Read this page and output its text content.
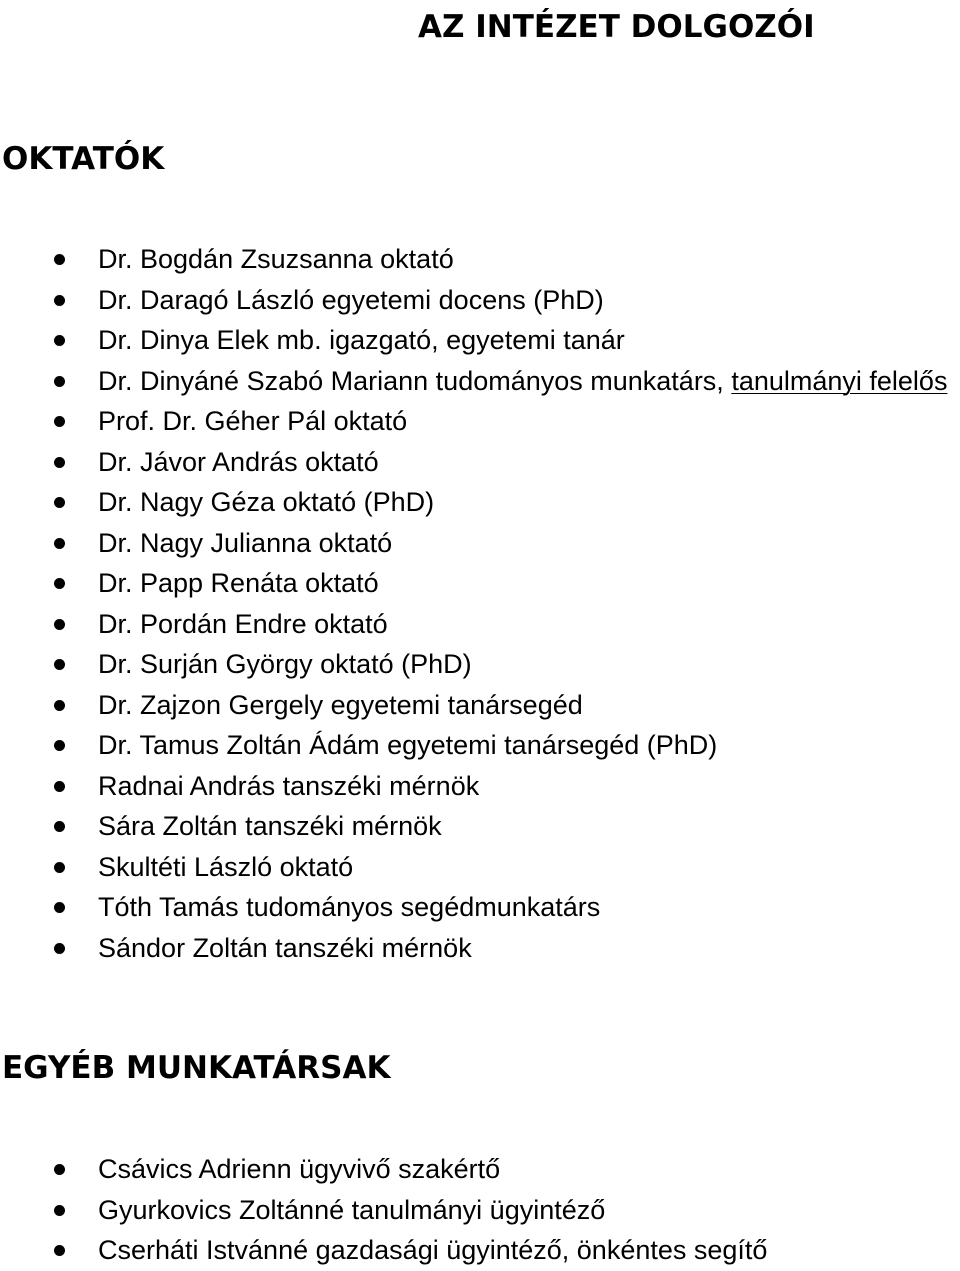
AZ INTÉZET DOLGOZÓI
OKTATÓK
Dr. Bogdán Zsuzsanna oktató
Dr. Daragó László egyetemi docens (PhD)
Dr. Dinya Elek mb. igazgató, egyetemi tanár
Dr. Dinyáné Szabó Mariann tudományos munkatárs, tanulmányi felelős
Prof. Dr. Géher Pál oktató
Dr. Jávor András oktató
Dr. Nagy Géza oktató (PhD)
Dr. Nagy Julianna oktató
Dr. Papp Renáta oktató
Dr. Pordán Endre oktató
Dr. Surján György oktató (PhD)
Dr. Zajzon Gergely egyetemi tanársegéd
Dr. Tamus Zoltán Ádám egyetemi tanársegéd (PhD)
Radnai András tanszéki mérnök
Sára Zoltán tanszéki mérnök
Skultéti László oktató
Tóth Tamás tudományos segédmunkatárs
Sándor Zoltán tanszéki mérnök
EGYÉB MUNKATÁRSAK
Csávics Adrienn ügyvivő szakértő
Gyurkovics Zoltánné tanulmányi ügyintéző
Cserháti Istvánné gazdasági ügyintéző, önkéntes segítő
